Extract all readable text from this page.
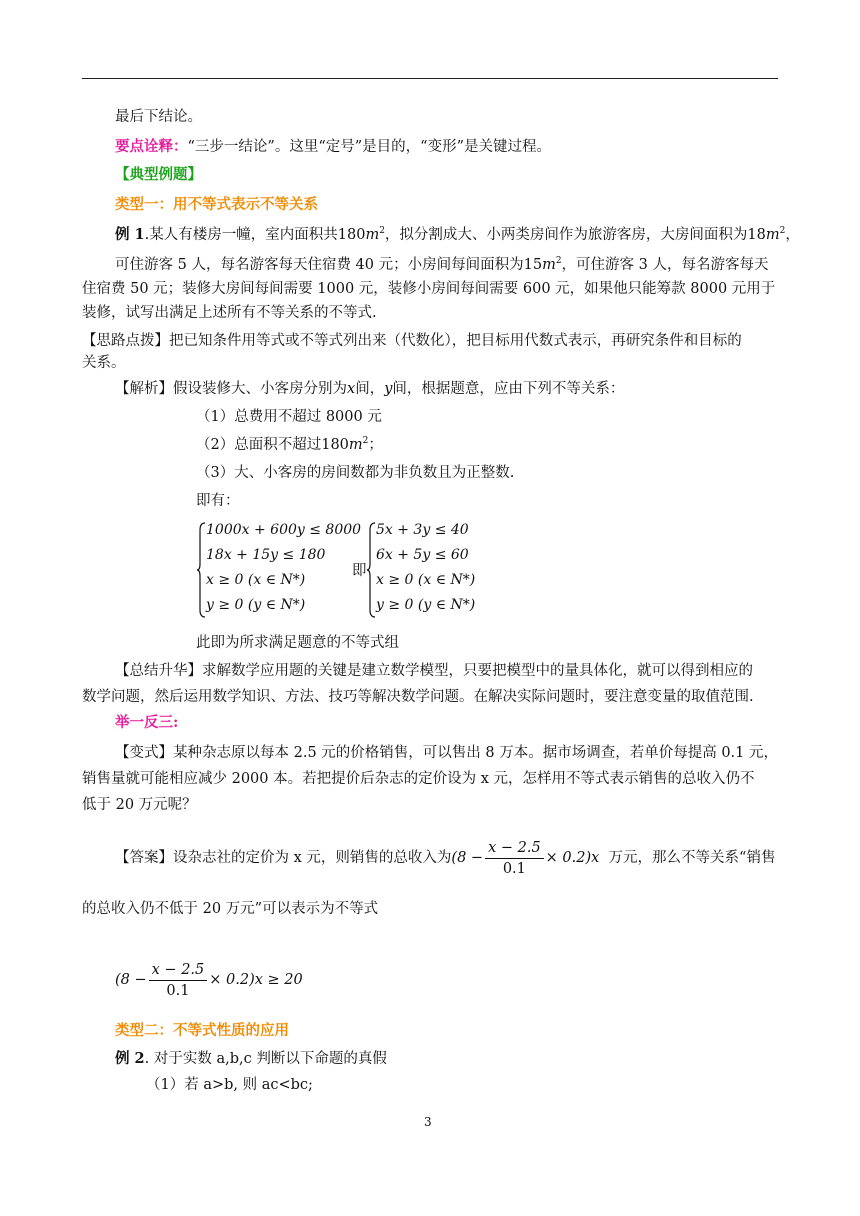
最后下结论。
要点诠释：“三步一结论”。这里“定号”是目的，“变形”是关键过程。
【典型例题】
类型一：用不等式表示不等关系
例 1.某人有楼房一幢，室内面积共$180m^2$，拟分割成大、小两类房间作为旅游客房，大房间面积为$18m^2$，
可住游客 5 人，每名游客每天住宿费 40 元；小房间每间面积为$15m^2$，可住游客 3 人，每名游客每天
住宿费 50 元；装修大房间每间需要 1000 元，装修小房间每间需要 600 元，如果他只能筹款 8000 元用于
装修，试写出满足上述所有不等关系的不等式.
【思路点拨】把已知条件用等式或不等式列出来（代数化），把目标用代数式表示，再研究条件和目标的
关系。
【解析】假设装修大、小客房分别为x间，y间，根据题意，应由下列不等关系：
（1）总费用不超过 8000 元
（2）总面积不超过$180m^2$；
（3）大、小客房的房间数都为非负数且为正整数.
即有：
1000x + 600y ≤ 8000
18x + 15y ≤ 180
x ≥ 0 (x ∈ N*)
y ≥ 0 (y ∈ N*)
即
5x + 3y ≤ 40
6x + 5y ≤ 60
x ≥ 0 (x ∈ N*)
y ≥ 0 (y ∈ N*)
此即为所求满足题意的不等式组
【总结升华】求解数学应用题的关键是建立数学模型，只要把模型中的量具体化，就可以得到相应的
数学问题，然后运用数学知识、方法、技巧等解决数学问题。在解决实际问题时，要注意变量的取值范围.
举一反三:
【变式】某种杂志原以每本 2.5 元的价格销售，可以售出 8 万本。据市场调查，若单价每提高 0.1 元，
销售量就可能相应减少 2000 本。若把提价后杂志的定价设为 x 元，怎样用不等式表示销售的总收入仍不
低于 20 万元呢？
【答案】设杂志社的定价为 x 元，则销售的总收入为$(8 - \frac{x - 2.5}{0.1} \times 0.2)x$ 万元，那么不等关系“销售
的总收入仍不低于 20 万元”可以表示为不等式
$(8 - \frac{x - 2.5}{0.1} \times 0.2)x \ge 20$
类型二：不等式性质的应用
例 2. 对于实数 a,b,c 判断以下命题的真假
（1）若 a>b, 则 ac<bc;
3
